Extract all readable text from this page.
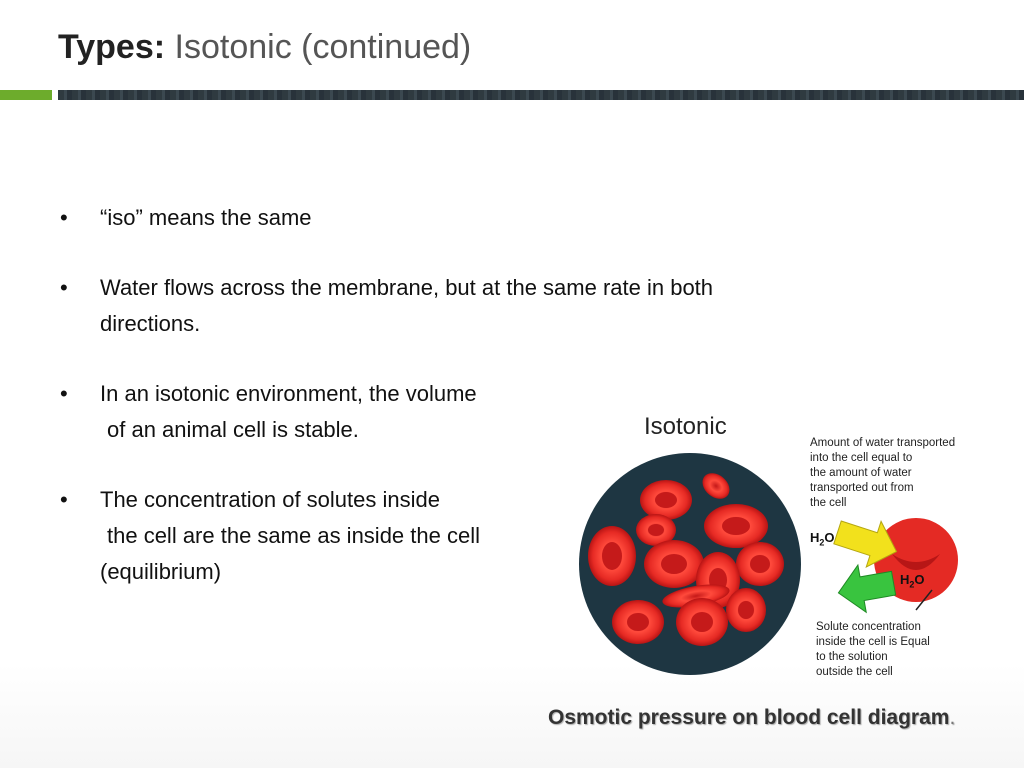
Types: Isotonic (continued)
• “iso” means the same
• Water flows across the membrane, but at the same rate in both
directions.
• In an isotonic environment, the volume
of an animal cell is stable.
• The concentration of solutes inside
the cell are the same as inside the cell
(equilibrium)
Isotonic
Amount of water transported
into the cell equal to
the amount of water
transported out from
the cell
$H_2O$
$H_2O$
Solute concentration
inside the cell is Equal
to the solution
outside the cell
Osmotic pressure on blood cell diagram.
